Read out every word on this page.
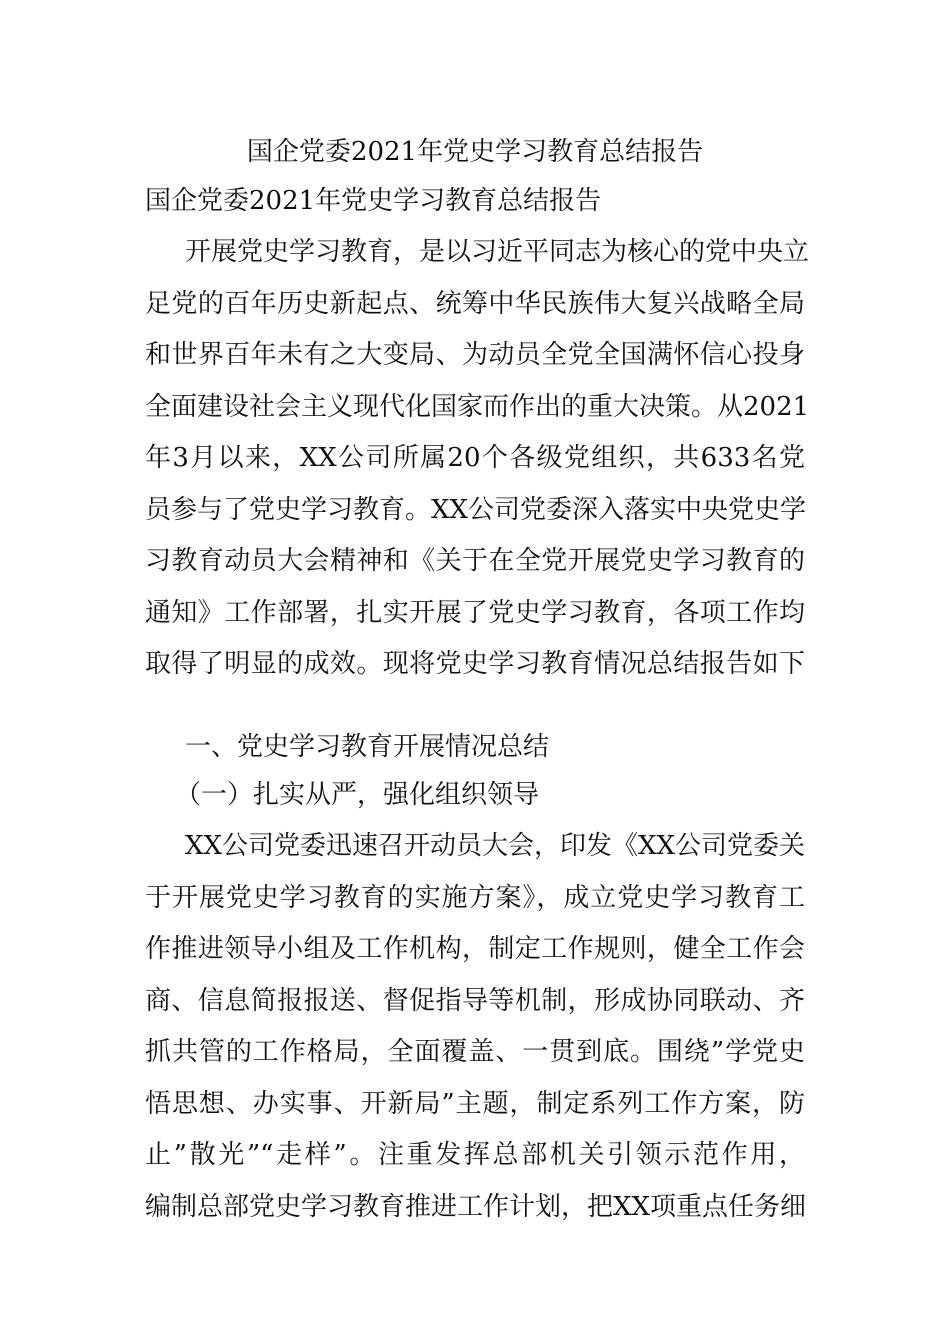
国企党委2021年党史学习教育总结报告

国企党委2021年党史学习教育总结报告

开展党史学习教育，是以习近平同志为核心的党中央立
足党的百年历史新起点、统筹中华民族伟大复兴战略全局
和世界百年未有之大变局、为动员全党全国满怀信心投身
全面建设社会主义现代化国家而作出的重大决策。从2021
年3月以来，XX公司所属20个各级党组织，共633名党
员参与了党史学习教育。XX公司党委深入落实中央党史学
习教育动员大会精神和《关于在全党开展党史学习教育的
通知》工作部署，扎实开展了党史学习教育，各项工作均
取得了明显的成效。现将党史学习教育情况总结报告如下

一、党史学习教育开展情况总结

（一）扎实从严，强化组织领导

XX公司党委迅速召开动员大会，印发《XX公司党委关
于开展党史学习教育的实施方案》，成立党史学习教育工
作推进领导小组及工作机构，制定工作规则，健全工作会
商、信息简报报送、督促指导等机制，形成协同联动、齐
抓共管的工作格局，全面覆盖、一贯到底。围绕”学党史
悟思想、办实事、开新局”主题，制定系列工作方案，防
止”散光”“走样”。注重发挥总部机关引领示范作用，
编制总部党史学习教育推进工作计划，把XX项重点任务细
